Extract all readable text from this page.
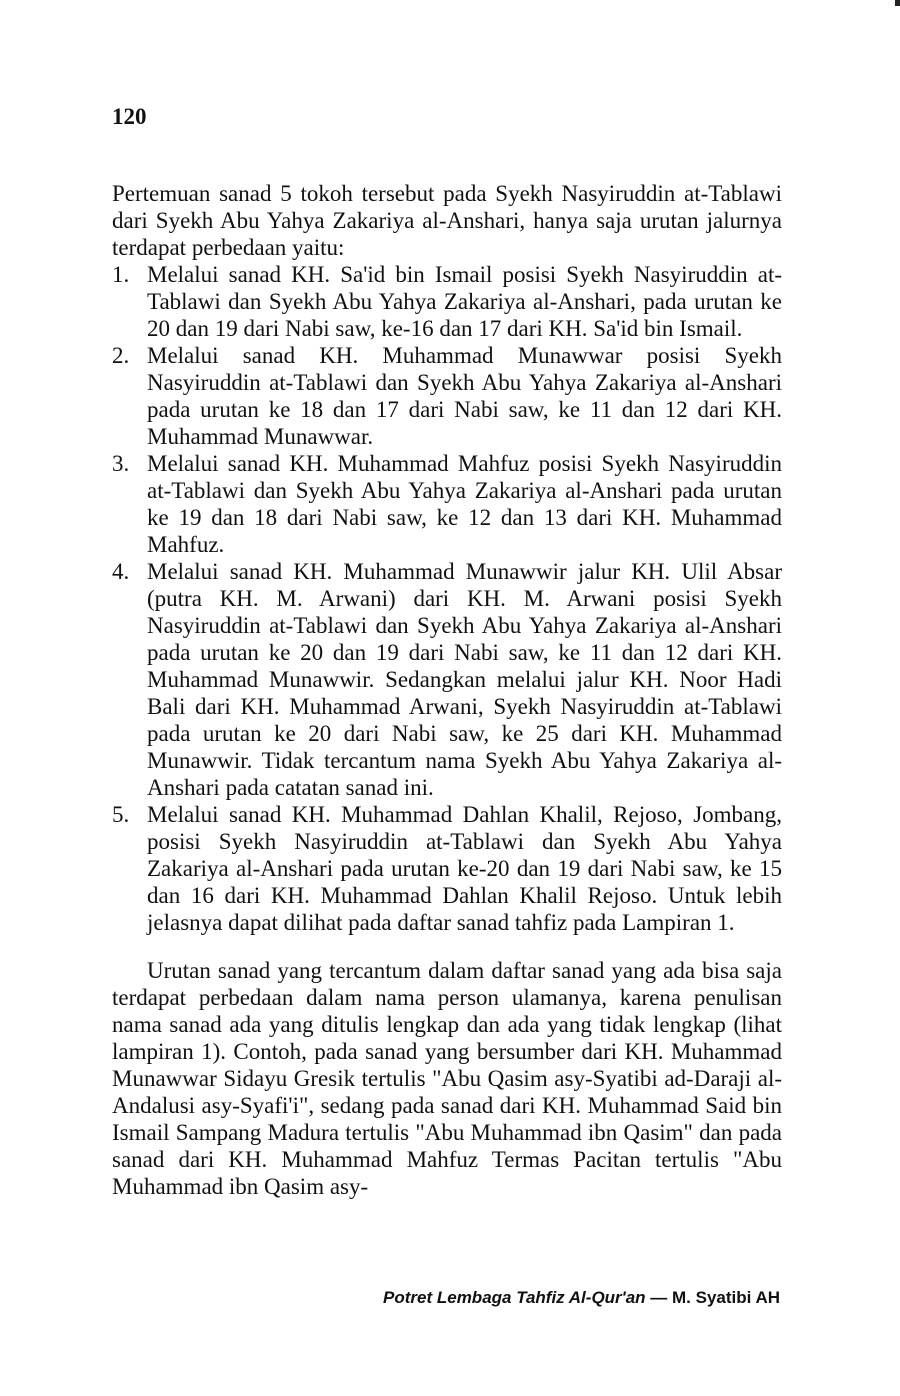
120

Pertemuan sanad 5 tokoh tersebut pada Syekh Nasyiruddin at-Tablawi dari Syekh Abu Yahya Zakariya al-Anshari, hanya saja urutan jalurnya terdapat perbedaan yaitu:

1. Melalui sanad KH. Sa'id bin Ismail posisi Syekh Nasyiruddin at-Tablawi dan Syekh Abu Yahya Zakariya al-Anshari, pada urutan ke 20 dan 19 dari Nabi saw, ke-16 dan 17 dari KH. Sa'id bin Ismail.
2. Melalui sanad KH. Muhammad Munawwar posisi Syekh Nasyiruddin at-Tablawi dan Syekh Abu Yahya Zakariya al-Anshari pada urutan ke 18 dan 17 dari Nabi saw, ke 11 dan 12 dari KH. Muhammad Munawwar.
3. Melalui sanad KH. Muhammad Mahfuz posisi Syekh Nasyiruddin at-Tablawi dan Syekh Abu Yahya Zakariya al-Anshari pada urutan ke 19 dan 18 dari Nabi saw, ke 12 dan 13 dari KH. Muhammad Mahfuz.
4. Melalui sanad KH. Muhammad Munawwir jalur KH. Ulil Absar (putra KH. M. Arwani) dari KH. M. Arwani posisi Syekh Nasyiruddin at-Tablawi dan Syekh Abu Yahya Zakariya al-Anshari pada urutan ke 20 dan 19 dari Nabi saw, ke 11 dan 12 dari KH. Muhammad Munawwir. Sedangkan melalui jalur KH. Noor Hadi Bali dari KH. Muhammad Arwani, Syekh Nasyiruddin at-Tablawi pada urutan ke 20 dari Nabi saw, ke 25 dari KH. Muhammad Munawwir. Tidak tercantum nama Syekh Abu Yahya Zakariya al-Anshari pada catatan sanad ini.
5. Melalui sanad KH. Muhammad Dahlan Khalil, Rejoso, Jombang, posisi Syekh Nasyiruddin at-Tablawi dan Syekh Abu Yahya Zakariya al-Anshari pada urutan ke-20 dan 19 dari Nabi saw, ke 15 dan 16 dari KH. Muhammad Dahlan Khalil Rejoso. Untuk lebih jelasnya dapat dilihat pada daftar sanad tahfiz pada Lampiran 1.

Urutan sanad yang tercantum dalam daftar sanad yang ada bisa saja terdapat perbedaan dalam nama person ulamanya, karena penulisan nama sanad ada yang ditulis lengkap dan ada yang tidak lengkap (lihat lampiran 1). Contoh, pada sanad yang bersumber dari KH. Muhammad Munawwar Sidayu Gresik tertulis "Abu Qasim asy-Syatibi ad-Daraji al-Andalusi asy-Syafi'i", sedang pada sanad dari KH. Muhammad Said bin Ismail Sampang Madura tertulis "Abu Muhammad ibn Qasim" dan pada sanad dari KH. Muhammad Mahfuz Termas Pacitan tertulis "Abu Muhammad ibn Qasim asy-

Potret Lembaga Tahfiz Al-Qur'an — M. Syatibi AH
